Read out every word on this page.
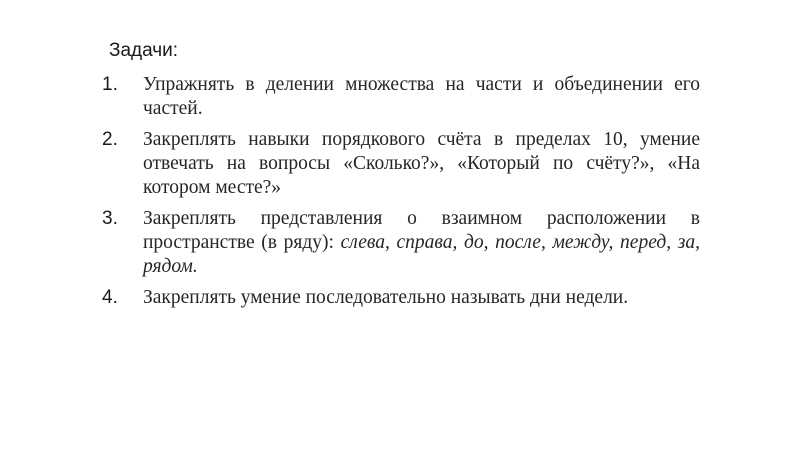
Задачи:
1. Упражнять в делении множества на части и объединении его частей.
2. Закреплять навыки порядкового счёта в пределах 10, умение отвечать на вопросы «Сколько?», «Который по счёту?», «На котором месте?»
3. Закреплять представления о взаимном расположении в пространстве (в ряду): слева, справа, до, после, между, перед, за, рядом.
4. Закреплять умение последовательно называть дни недели.
